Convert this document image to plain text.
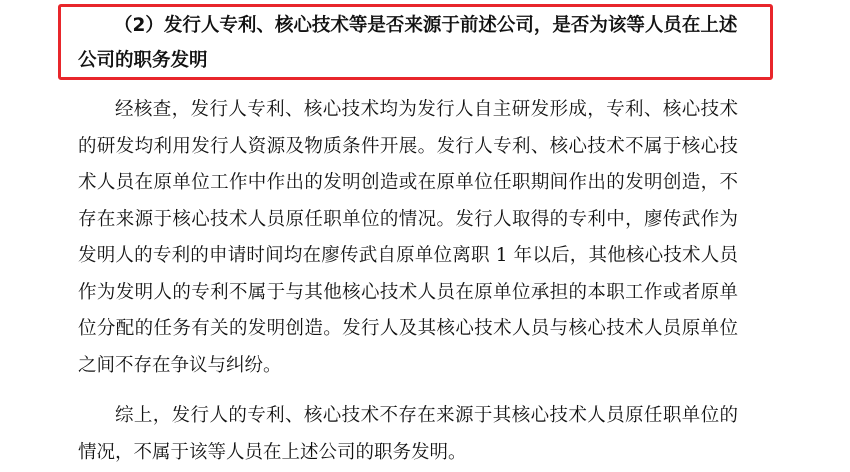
（2）发行人专利、核心技术等是否来源于前述公司，是否为该等人员在上述公司的职务发明

经核查，发行人专利、核心技术均为发行人自主研发形成，专利、核心技术的研发均利用发行人资源及物质条件开展。发行人专利、核心技术不属于核心技术人员在原单位工作中作出的发明创造或在原单位任职期间作出的发明创造，不存在来源于核心技术人员原任职单位的情况。发行人取得的专利中，廖传武作为发明人的专利的申请时间均在廖传武自原单位离职 1 年以后，其他核心技术人员作为发明人的专利不属于与其他核心技术人员在原单位承担的本职工作或者原单位分配的任务有关的发明创造。发行人及其核心技术人员与核心技术人员原单位之间不存在争议与纠纷。

综上，发行人的专利、核心技术不存在来源于其核心技术人员原任职单位的情况，不属于该等人员在上述公司的职务发明。
